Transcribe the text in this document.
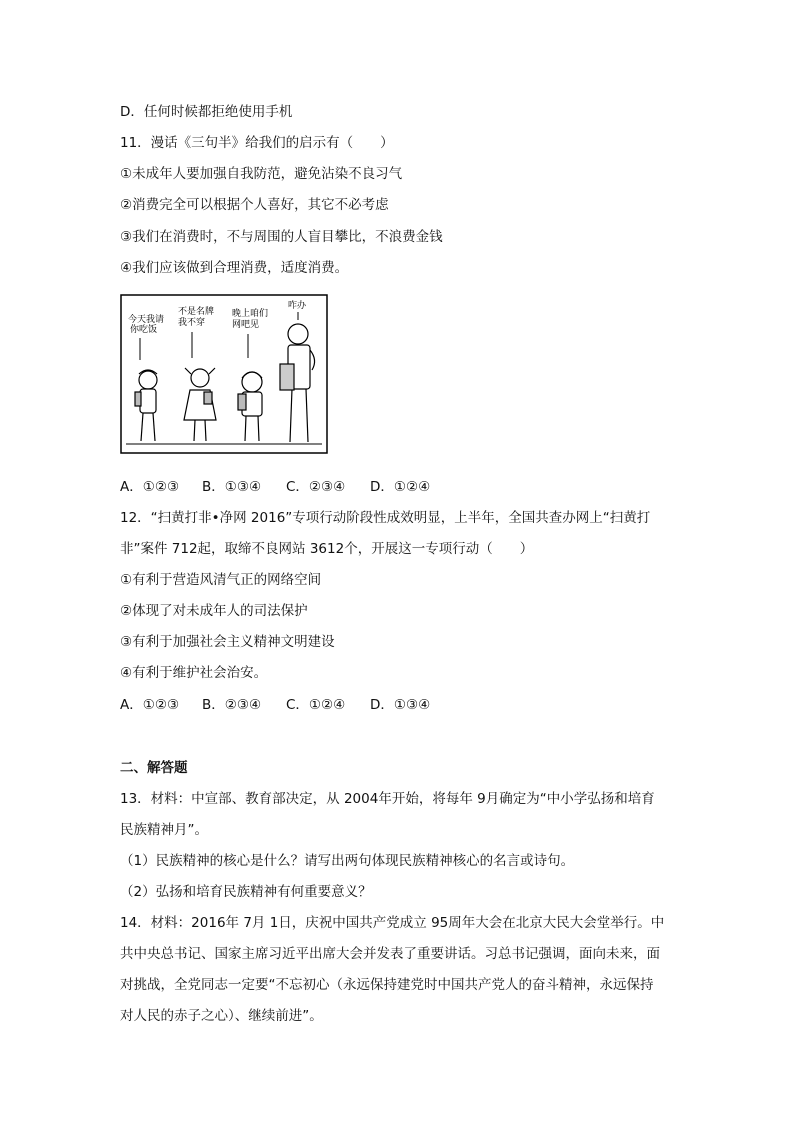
D．任何时候都拒绝使用手机
11．漫话《三句半》给我们的启示有（　　）
①未成年人要加强自我防范，避免沾染不良习气
②消费完全可以根据个人喜好，其它不必考虑
③我们在消费时，不与周围的人盲目攀比，不浪费金钱
④我们应该做到合理消费，适度消费。
今天我请
你吃饭
不是名牌
我不穿
晚上咱们
网吧见
咋办
A．①②③ B．①③④ C．②③④ D．①②④
12．“扫黄打非•净网 2016”专项行动阶段性成效明显，上半年，全国共查办网上“扫黄打
非”案件 712起，取缔不良网站 3612个，开展这一专项行动（　　）
①有利于营造风清气正的网络空间
②体现了对未成年人的司法保护
③有利于加强社会主义精神文明建设
④有利于维护社会治安。
A．①②③ B．②③④ C．①②④ D．①③④
二、解答题
13．材料：中宣部、教育部决定，从 2004年开始，将每年 9月确定为“中小学弘扬和培育
民族精神月”。
（1）民族精神的核心是什么？请写出两句体现民族精神核心的名言或诗句。
（2）弘扬和培育民族精神有何重要意义？
14．材料：2016年 7月 1日，庆祝中国共产党成立 95周年大会在北京大民大会堂举行。中
共中央总书记、国家主席习近平出席大会并发表了重要讲话。习总书记强调，面向未来，面
对挑战，全党同志一定要“不忘初心（永远保持建党时中国共产党人的奋斗精神，永远保持
对人民的赤子之心）、继续前进”。
